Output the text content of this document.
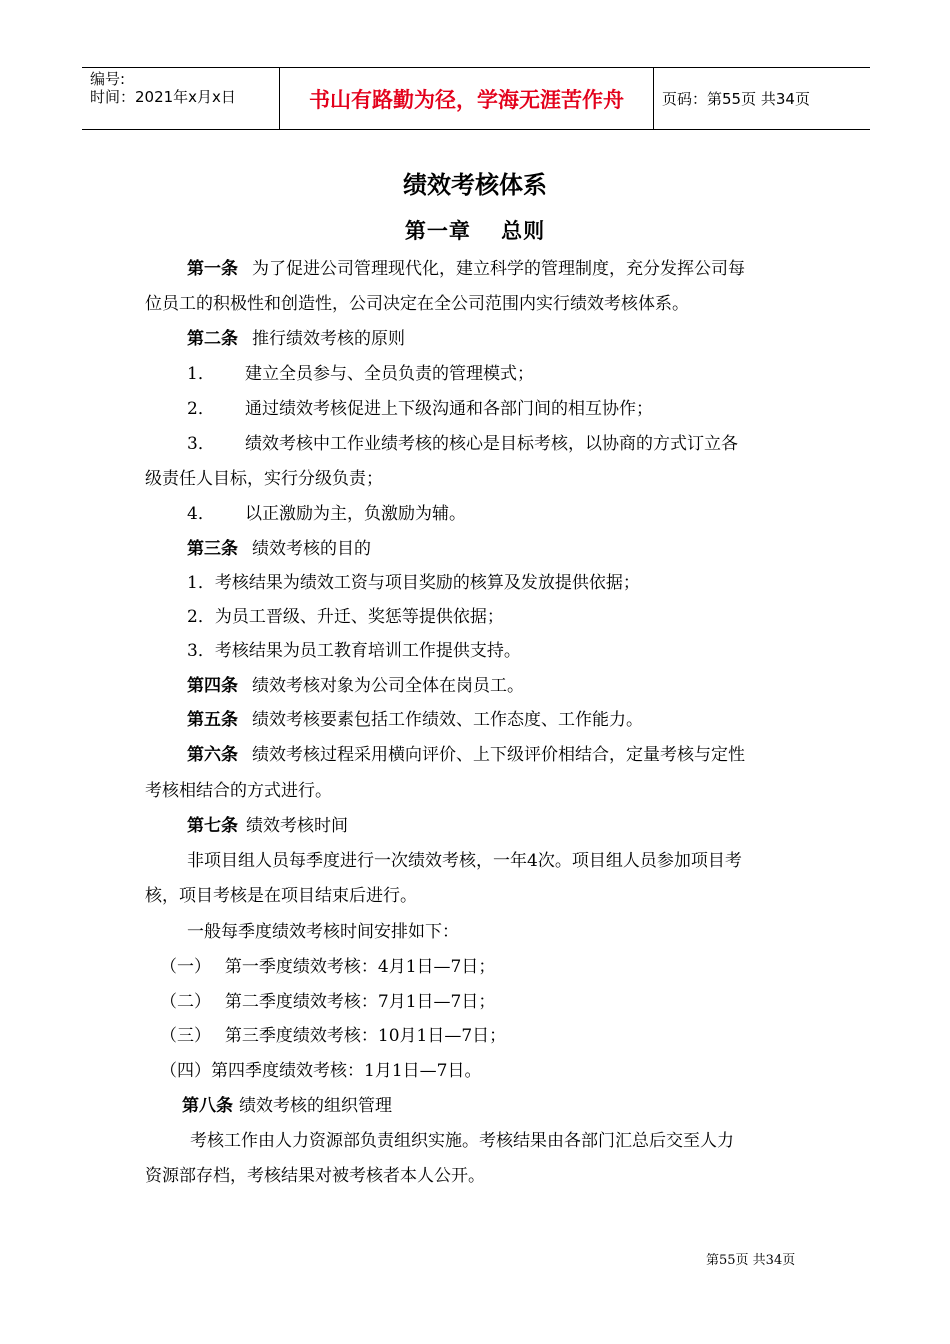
编号:
时间：2021年x月x日	书山有路勤为径，学海无涯苦作舟	页码：第55页 共34页
绩效考核体系
第一章　 总则
第一条 为了促进公司管理现代化，建立科学的管理制度，充分发挥公司每
位员工的积极性和创造性，公司决定在全公司范围内实行绩效考核体系。
第二条 推行绩效考核的原则
1． 建立全员参与、全员负责的管理模式；
2． 通过绩效考核促进上下级沟通和各部门间的相互协作；
3． 绩效考核中工作业绩考核的核心是目标考核，以协商的方式订立各
级责任人目标，实行分级负责；
4． 以正激励为主，负激励为辅。
第三条 绩效考核的目的
1．考核结果为绩效工资与项目奖励的核算及发放提供依据；
2．为员工晋级、升迁、奖惩等提供依据；
3．考核结果为员工教育培训工作提供支持。
第四条 绩效考核对象为公司全体在岗员工。
第五条 绩效考核要素包括工作绩效、工作态度、工作能力。
第六条 绩效考核过程采用横向评价、上下级评价相结合，定量考核与定性
考核相结合的方式进行。
第七条 绩效考核时间
非项目组人员每季度进行一次绩效考核，一年4次。项目组人员参加项目考
核，项目考核是在项目结束后进行。
一般每季度绩效考核时间安排如下：
（一）　 第一季度绩效考核：4月1日—7日；
（二）　 第二季度绩效考核：7月1日—7日；
（三）　 第三季度绩效考核：10月1日—7日；
（四）第四季度绩效考核：1月1日—7日。
第八条 绩效考核的组织管理
考核工作由人力资源部负责组织实施。考核结果由各部门汇总后交至人力
资源部存档，考核结果对被考核者本人公开。
第55页 共34页
